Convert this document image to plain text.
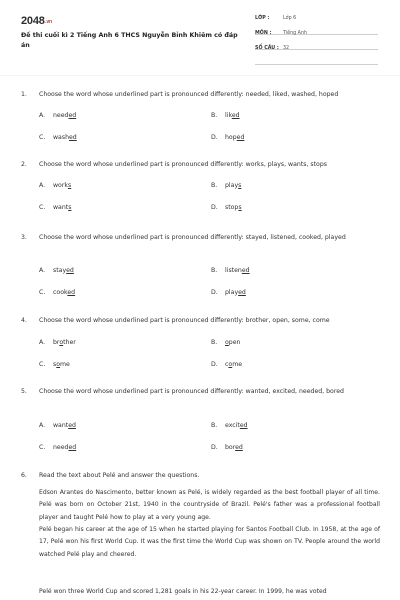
2048.vn
Đề thi cuối kì 2 Tiếng Anh 6 THCS Nguyễn Bỉnh Khiêm có đáp án
LỚP :	Lớp 6
MÔN : Tiếng Anh
SỐ CÂU : 32
1. Choose the word whose underlined part is pronounced differently: needed, liked, washed, hoped
A. needed	B. liked
C. washed	D. hoped
2. Choose the word whose underlined part is pronounced differently: works, plays, wants, stops
A. works	B. plays
C. wants	D. stops
3. Choose the word whose underlined part is pronounced differently: stayed, listened, cooked, played
A. stayed	B. listened
C. cooked	D. played
4. Choose the word whose underlined part is pronounced differently: brother, open, some, come
A. brother	B. open
C. some	D. come
5. Choose the word whose underlined part is pronounced differently: wanted, excited, needed, bored
A. wanted	B. excited
C. needed	D. bored
6. Read the text about Pelé and answer the questions.
Edson Arantes do Nascimento, better known as Pelé, is widely regarded as the best football player of all time. Pelé was born on October 21st, 1940 in the countryside of Brazil. Pelé's father was a professional football player and taught Pelé how to play at a very young age.
Pelé began his career at the age of 15 when he started playing for Santos Football Club. In 1958, at the age of 17, Pelé won his first World Cup. It was the first time the World Cup was shown on TV. People around the world watched Pelé play and cheered.
Pelé won three World Cup and scored 1,281 goals in his 22-year career. In 1999, he was voted
